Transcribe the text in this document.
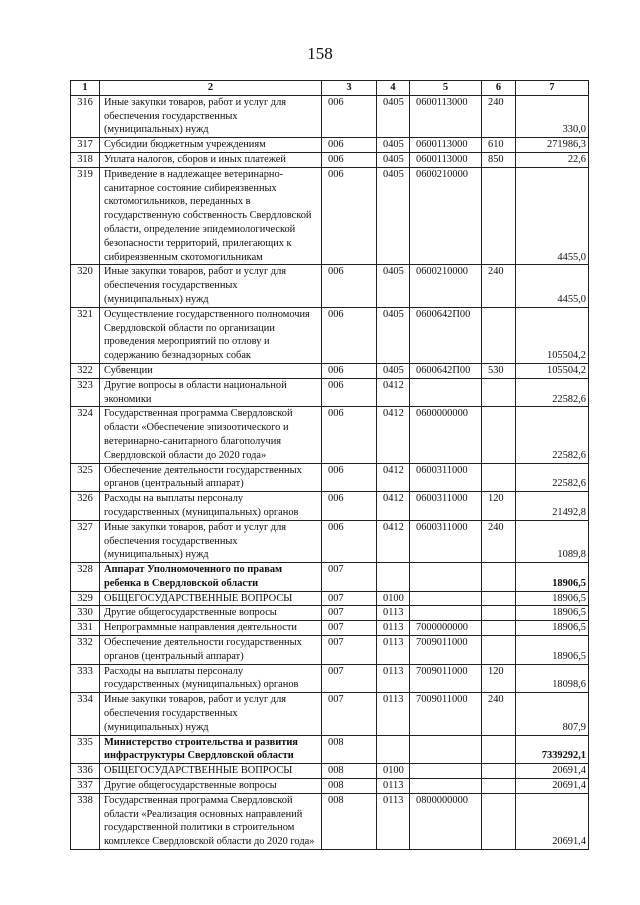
158
1	2	3	4	5	6	7
316	Иные закупки товаров, работ и услуг для обеспечения государственных (муниципальных) нужд	006	0405	0600113000	240	330,0
317	Субсидии бюджетным учреждениям	006	0405	0600113000	610	271986,3
318	Уплата налогов, сборов и иных платежей	006	0405	0600113000	850	22,6
319	Приведение в надлежащее ветеринарно-санитарное состояние сибиреязвенных скотомогильников, переданных в государственную собственность Свердловской области, определение эпидемиологической безопасности территорий, прилегающих к сибиреязвенным скотомогильникам	006	0405	0600210000		4455,0
320	Иные закупки товаров, работ и услуг для обеспечения государственных (муниципальных) нужд	006	0405	0600210000	240	4455,0
321	Осуществление государственного полномочия Свердловской области по организации проведения мероприятий по отлову и содержанию безнадзорных собак	006	0405	0600642П00		105504,2
322	Субвенции	006	0405	0600642П00	530	105504,2
323	Другие вопросы в области национальной экономики	006	0412			22582,6
324	Государственная программа Свердловской области «Обеспечение эпизоотического и ветеринарно-санитарного благополучия Свердловской области до 2020 года»	006	0412	0600000000		22582,6
325	Обеспечение деятельности государственных органов (центральный аппарат)	006	0412	0600311000		22582,6
326	Расходы на выплаты персоналу государственных (муниципальных) органов	006	0412	0600311000	120	21492,8
327	Иные закупки товаров, работ и услуг для обеспечения государственных (муниципальных) нужд	006	0412	0600311000	240	1089,8
328	Аппарат Уполномоченного по правам ребенка в Свердловской области	007				18906,5
329	ОБЩЕГОСУДАРСТВЕННЫЕ ВОПРОСЫ	007	0100			18906,5
330	Другие общегосударственные вопросы	007	0113			18906,5
331	Непрограммные направления деятельности	007	0113	7000000000		18906,5
332	Обеспечение деятельности государственных органов (центральный аппарат)	007	0113	7009011000		18906,5
333	Расходы на выплаты персоналу государственных (муниципальных) органов	007	0113	7009011000	120	18098,6
334	Иные закупки товаров, работ и услуг для обеспечения государственных (муниципальных) нужд	007	0113	7009011000	240	807,9
335	Министерство строительства и развития инфраструктуры Свердловской области	008				7339292,1
336	ОБЩЕГОСУДАРСТВЕННЫЕ ВОПРОСЫ	008	0100			20691,4
337	Другие общегосударственные вопросы	008	0113			20691,4
338	Государственная программа Свердловской области «Реализация основных направлений государственной политики в строительном комплексе Свердловской области до 2020 года»	008	0113	0800000000		20691,4
